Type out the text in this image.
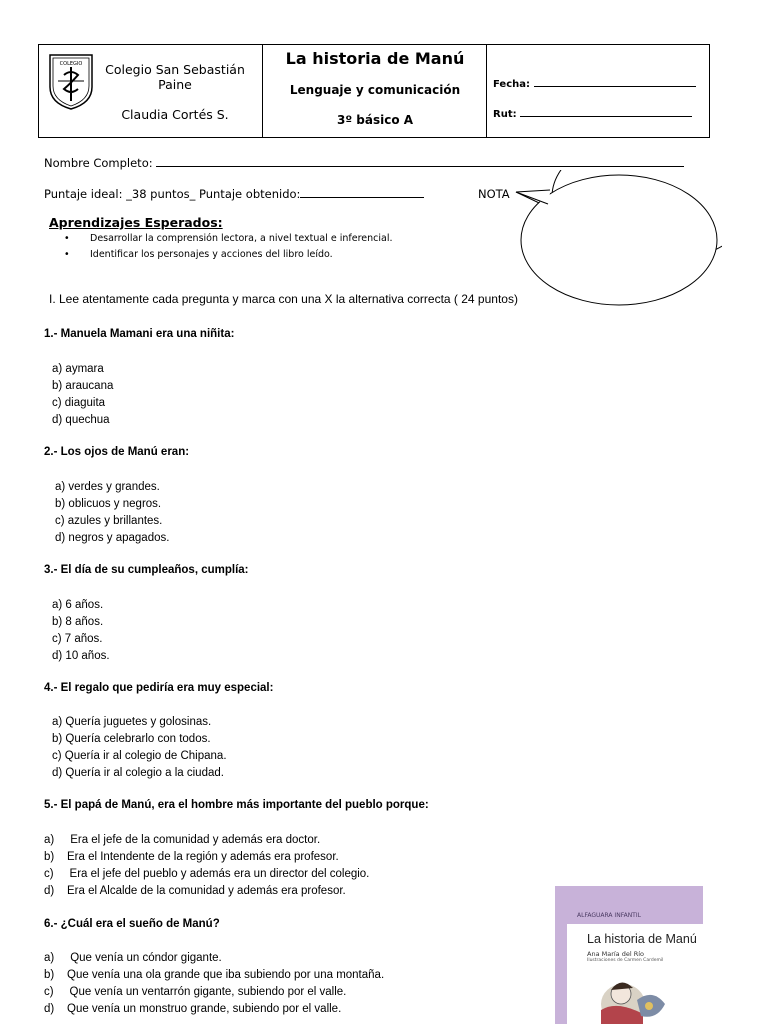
COLEGIO	Colegio San Sebastián
Paine
Claudia Cortés S.
La historia de Manú
Lenguaje y comunicación
3º básico A
Fecha:
Rut:
Nombre Completo:
Puntaje ideal: _38 puntos_ Puntaje obtenido:	NOTA
Aprendizajes Esperados:
• Desarrollar la comprensión lectora, a nivel textual e inferencial.
• Identificar los personajes y acciones del libro leído.
I. Lee atentamente cada pregunta y marca con una X la alternativa correcta ( 24 puntos)
1.- Manuela Mamani era una niñita:
a) aymara
b) araucana
c) diaguita
d) quechua
2.- Los ojos de Manú eran:
a) verdes y grandes.
b) oblicuos y negros.
c) azules y brillantes.
d) negros y apagados.
3.- El día de su cumpleaños, cumplía:
a) 6 años.
b) 8 años.
c) 7 años.
d) 10 años.
4.- El regalo que pediría era muy especial:
a) Quería juguetes y golosinas.
b) Quería celebrarlo con todos.
c) Quería ir al colegio de Chipana.
d) Quería ir al colegio a la ciudad.
5.- El papá de Manú, era el hombre más importante del pueblo porque:
a)     Era el jefe de la comunidad y además era doctor.
b)    Era el Intendente de la región y además era profesor.
c)     Era el jefe del pueblo y además era un director del colegio.
d)    Era el Alcalde de la comunidad y además era profesor.
6.- ¿Cuál era el sueño de Manú?
a)     Que venía un cóndor gigante.
b)    Que venía una ola grande que iba subiendo por una montaña.
c)     Que venía un ventarrón gigante, subiendo por el valle.
d)    Que venía un monstruo grande, subiendo por el valle.
ALFAGUARA INFANTIL
La historia de Manú
Ana María del Río
Ilustraciones de Carmen Cardemil
